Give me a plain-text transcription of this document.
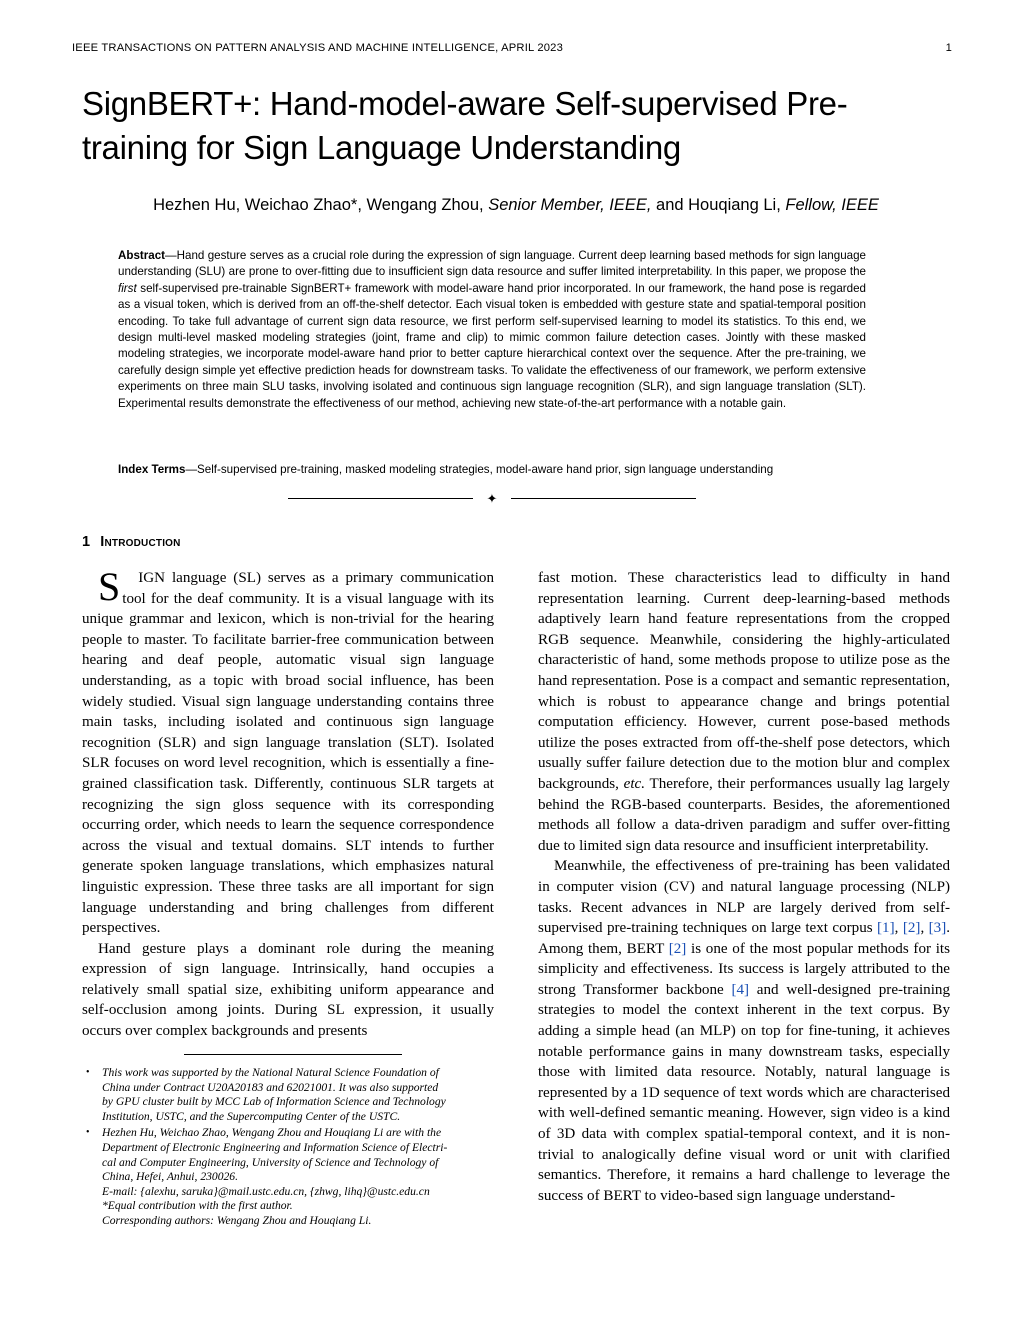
IEEE TRANSACTIONS ON PATTERN ANALYSIS AND MACHINE INTELLIGENCE, APRIL 2023	1
SignBERT+: Hand-model-aware Self-supervised Pre-training for Sign Language Understanding
Hezhen Hu, Weichao Zhao*, Wengang Zhou, Senior Member, IEEE, and Houqiang Li, Fellow, IEEE
Abstract—Hand gesture serves as a crucial role during the expression of sign language. Current deep learning based methods for sign language understanding (SLU) are prone to over-fitting due to insufficient sign data resource and suffer limited interpretability. In this paper, we propose the first self-supervised pre-trainable SignBERT+ framework with model-aware hand prior incorporated. In our framework, the hand pose is regarded as a visual token, which is derived from an off-the-shelf detector. Each visual token is embedded with gesture state and spatial-temporal position encoding. To take full advantage of current sign data resource, we first perform self-supervised learning to model its statistics. To this end, we design multi-level masked modeling strategies (joint, frame and clip) to mimic common failure detection cases. Jointly with these masked modeling strategies, we incorporate model-aware hand prior to better capture hierarchical context over the sequence. After the pre-training, we carefully design simple yet effective prediction heads for downstream tasks. To validate the effectiveness of our framework, we perform extensive experiments on three main SLU tasks, involving isolated and continuous sign language recognition (SLR), and sign language translation (SLT). Experimental results demonstrate the effectiveness of our method, achieving new state-of-the-art performance with a notable gain.
Index Terms—Self-supervised pre-training, masked modeling strategies, model-aware hand prior, sign language understanding
✦
1 Introduction

S IGN language (SL) serves as a primary communication tool for the deaf community. It is a visual language with its unique grammar and lexicon, which is non-trivial for the hearing people to master. To facilitate barrier-free communication between hearing and deaf people, automatic visual sign language understanding, as a topic with broad social influence, has been widely studied. Visual sign language understanding contains three main tasks, including isolated and continuous sign language recognition (SLR) and sign language translation (SLT). Isolated SLR focuses on word level recognition, which is essentially a fine-grained classification task. Differently, continuous SLR targets at recognizing the sign gloss sequence with its corresponding occurring order, which needs to learn the sequence correspondence across the visual and textual domains. SLT intends to further generate spoken language translations, which emphasizes natural linguistic expression. These three tasks are all important for sign language understanding and bring challenges from different perspectives.

Hand gesture plays a dominant role during the meaning expression of sign language. Intrinsically, hand occupies a relatively small spatial size, exhibiting uniform appearance and self-occlusion among joints. During SL expression, it usually occurs over complex backgrounds and presents

fast motion. These characteristics lead to difficulty in hand representation learning. Current deep-learning-based methods adaptively learn hand feature representations from the cropped RGB sequence. Meanwhile, considering the highly-articulated characteristic of hand, some methods propose to utilize pose as the hand representation. Pose is a compact and semantic representation, which is robust to appearance change and brings potential computation efficiency. However, current pose-based methods utilize the poses extracted from off-the-shelf pose detectors, which usually suffer failure detection due to the motion blur and complex backgrounds, etc. Therefore, their performances usually lag largely behind the RGB-based counterparts. Besides, the aforementioned methods all follow a data-driven paradigm and suffer over-fitting due to limited sign data resource and insufficient interpretability.

Meanwhile, the effectiveness of pre-training has been validated in computer vision (CV) and natural language processing (NLP) tasks. Recent advances in NLP are largely derived from self-supervised pre-training techniques on large text corpus [1], [2], [3]. Among them, BERT [2] is one of the most popular methods for its simplicity and effectiveness. Its success is largely attributed to the strong Transformer backbone [4] and well-designed pre-training strategies to model the context inherent in the text corpus. By adding a simple head (an MLP) on top for fine-tuning, it achieves notable performance gains in many downstream tasks, especially those with limited data resource. Notably, natural language is represented by a 1D sequence of text words which are characterised with well-defined semantic meaning. However, sign video is a kind of 3D data with complex spatial-temporal context, and it is non-trivial to analogically define visual word or unit with clarified semantics. Therefore, it remains a hard challenge to leverage the success of BERT to video-based sign language understand-

• This work was supported by the National Natural Science Foundation of
China under Contract U20A20183 and 62021001. It was also supported
by GPU cluster built by MCC Lab of Information Science and Technology
Institution, USTC, and the Supercomputing Center of the USTC.
• Hezhen Hu, Weichao Zhao, Wengang Zhou and Houqiang Li are with the
Department of Electronic Engineering and Information Science of Electri-
cal and Computer Engineering, University of Science and Technology of
China, Hefei, Anhui, 230026.
E-mail: {alexhu, saruka}@mail.ustc.edu.cn, {zhwg, lihq}@ustc.edu.cn
*Equal contribution with the first author.
Corresponding authors: Wengang Zhou and Houqiang Li.
